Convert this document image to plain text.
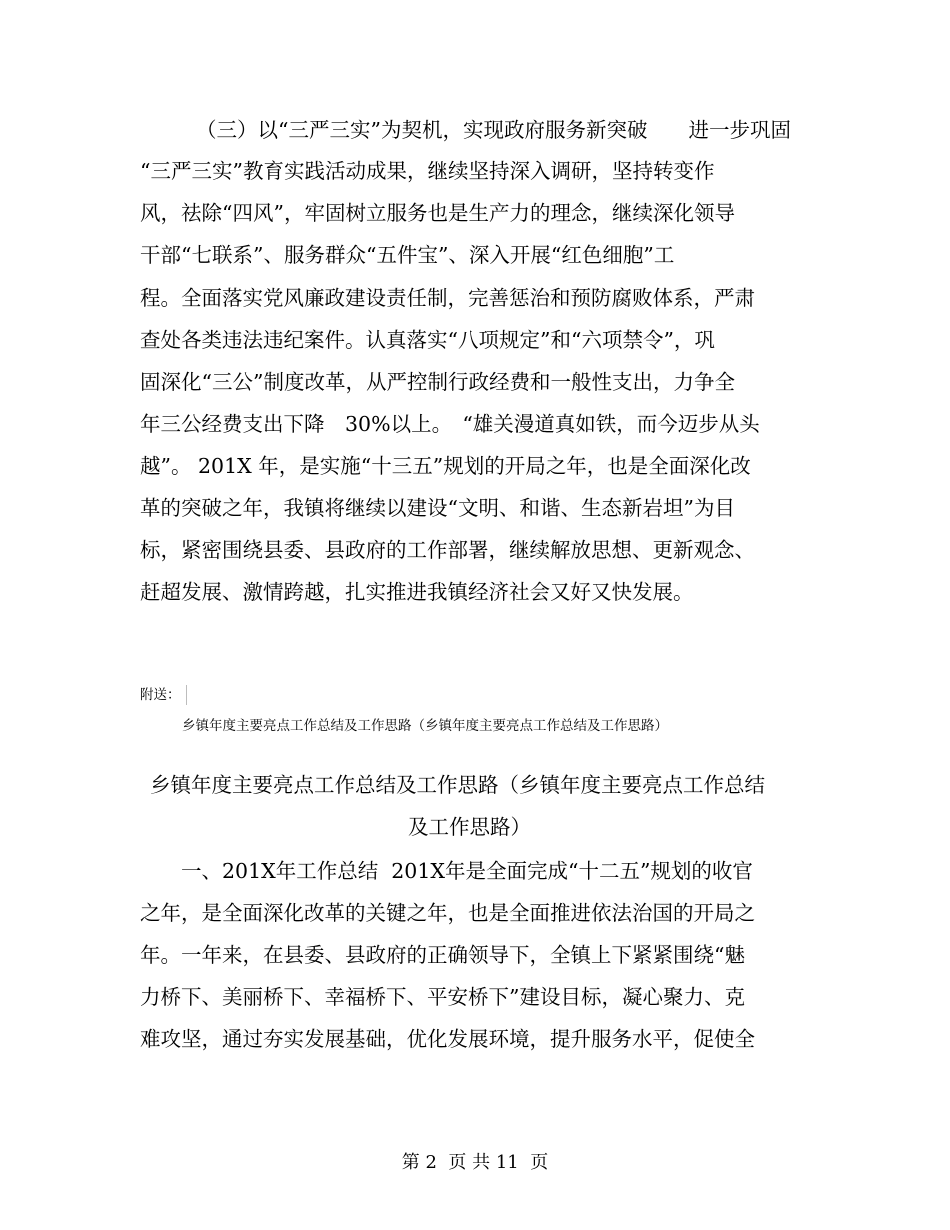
（三）以“三严三实”为契机，实现政府服务新突破　　进一步巩固

“三严三实”教育实践活动成果，继续坚持深入调研，坚持转变作

风，祛除“四风”，牢固树立服务也是生产力的理念，继续深化领导

干部“七联系”、服务群众“五件宝”、深入开展“红色细胞”工

程。全面落实党风廉政建设责任制，完善惩治和预防腐败体系，严肃

查处各类违法违纪案件。认真落实“八项规定”和“六项禁令”，巩

固深化“三公”制度改革，从严控制行政经费和一般性支出，力争全

年三公经费支出下降　30%以上。　“雄关漫道真如铁，而今迈步从头

越”。 201X 年，是实施“十三五”规划的开局之年，也是全面深化改

革的突破之年，我镇将继续以建设“文明、和谐、生态新岩坦”为目

标，紧密围绕县委、县政府的工作部署，继续解放思想、更新观念、

赶超发展、激情跨越，扎实推进我镇经济社会又好又快发展。

附送：

乡镇年度主要亮点工作总结及工作思路（乡镇年度主要亮点工作总结及工作思路）

乡镇年度主要亮点工作总结及工作思路（乡镇年度主要亮点工作总结

及工作思路）

一、201X年工作总结  201X年是全面完成“十二五”规划的收官

之年，是全面深化改革的关键之年，也是全面推进依法治国的开局之

年。一年来，在县委、县政府的正确领导下，全镇上下紧紧围绕“魅

力桥下、美丽桥下、幸福桥下、平安桥下”建设目标，凝心聚力、克

难攻坚，通过夯实发展基础，优化发展环境，提升服务水平，促使全

第 2  页 共 11  页
